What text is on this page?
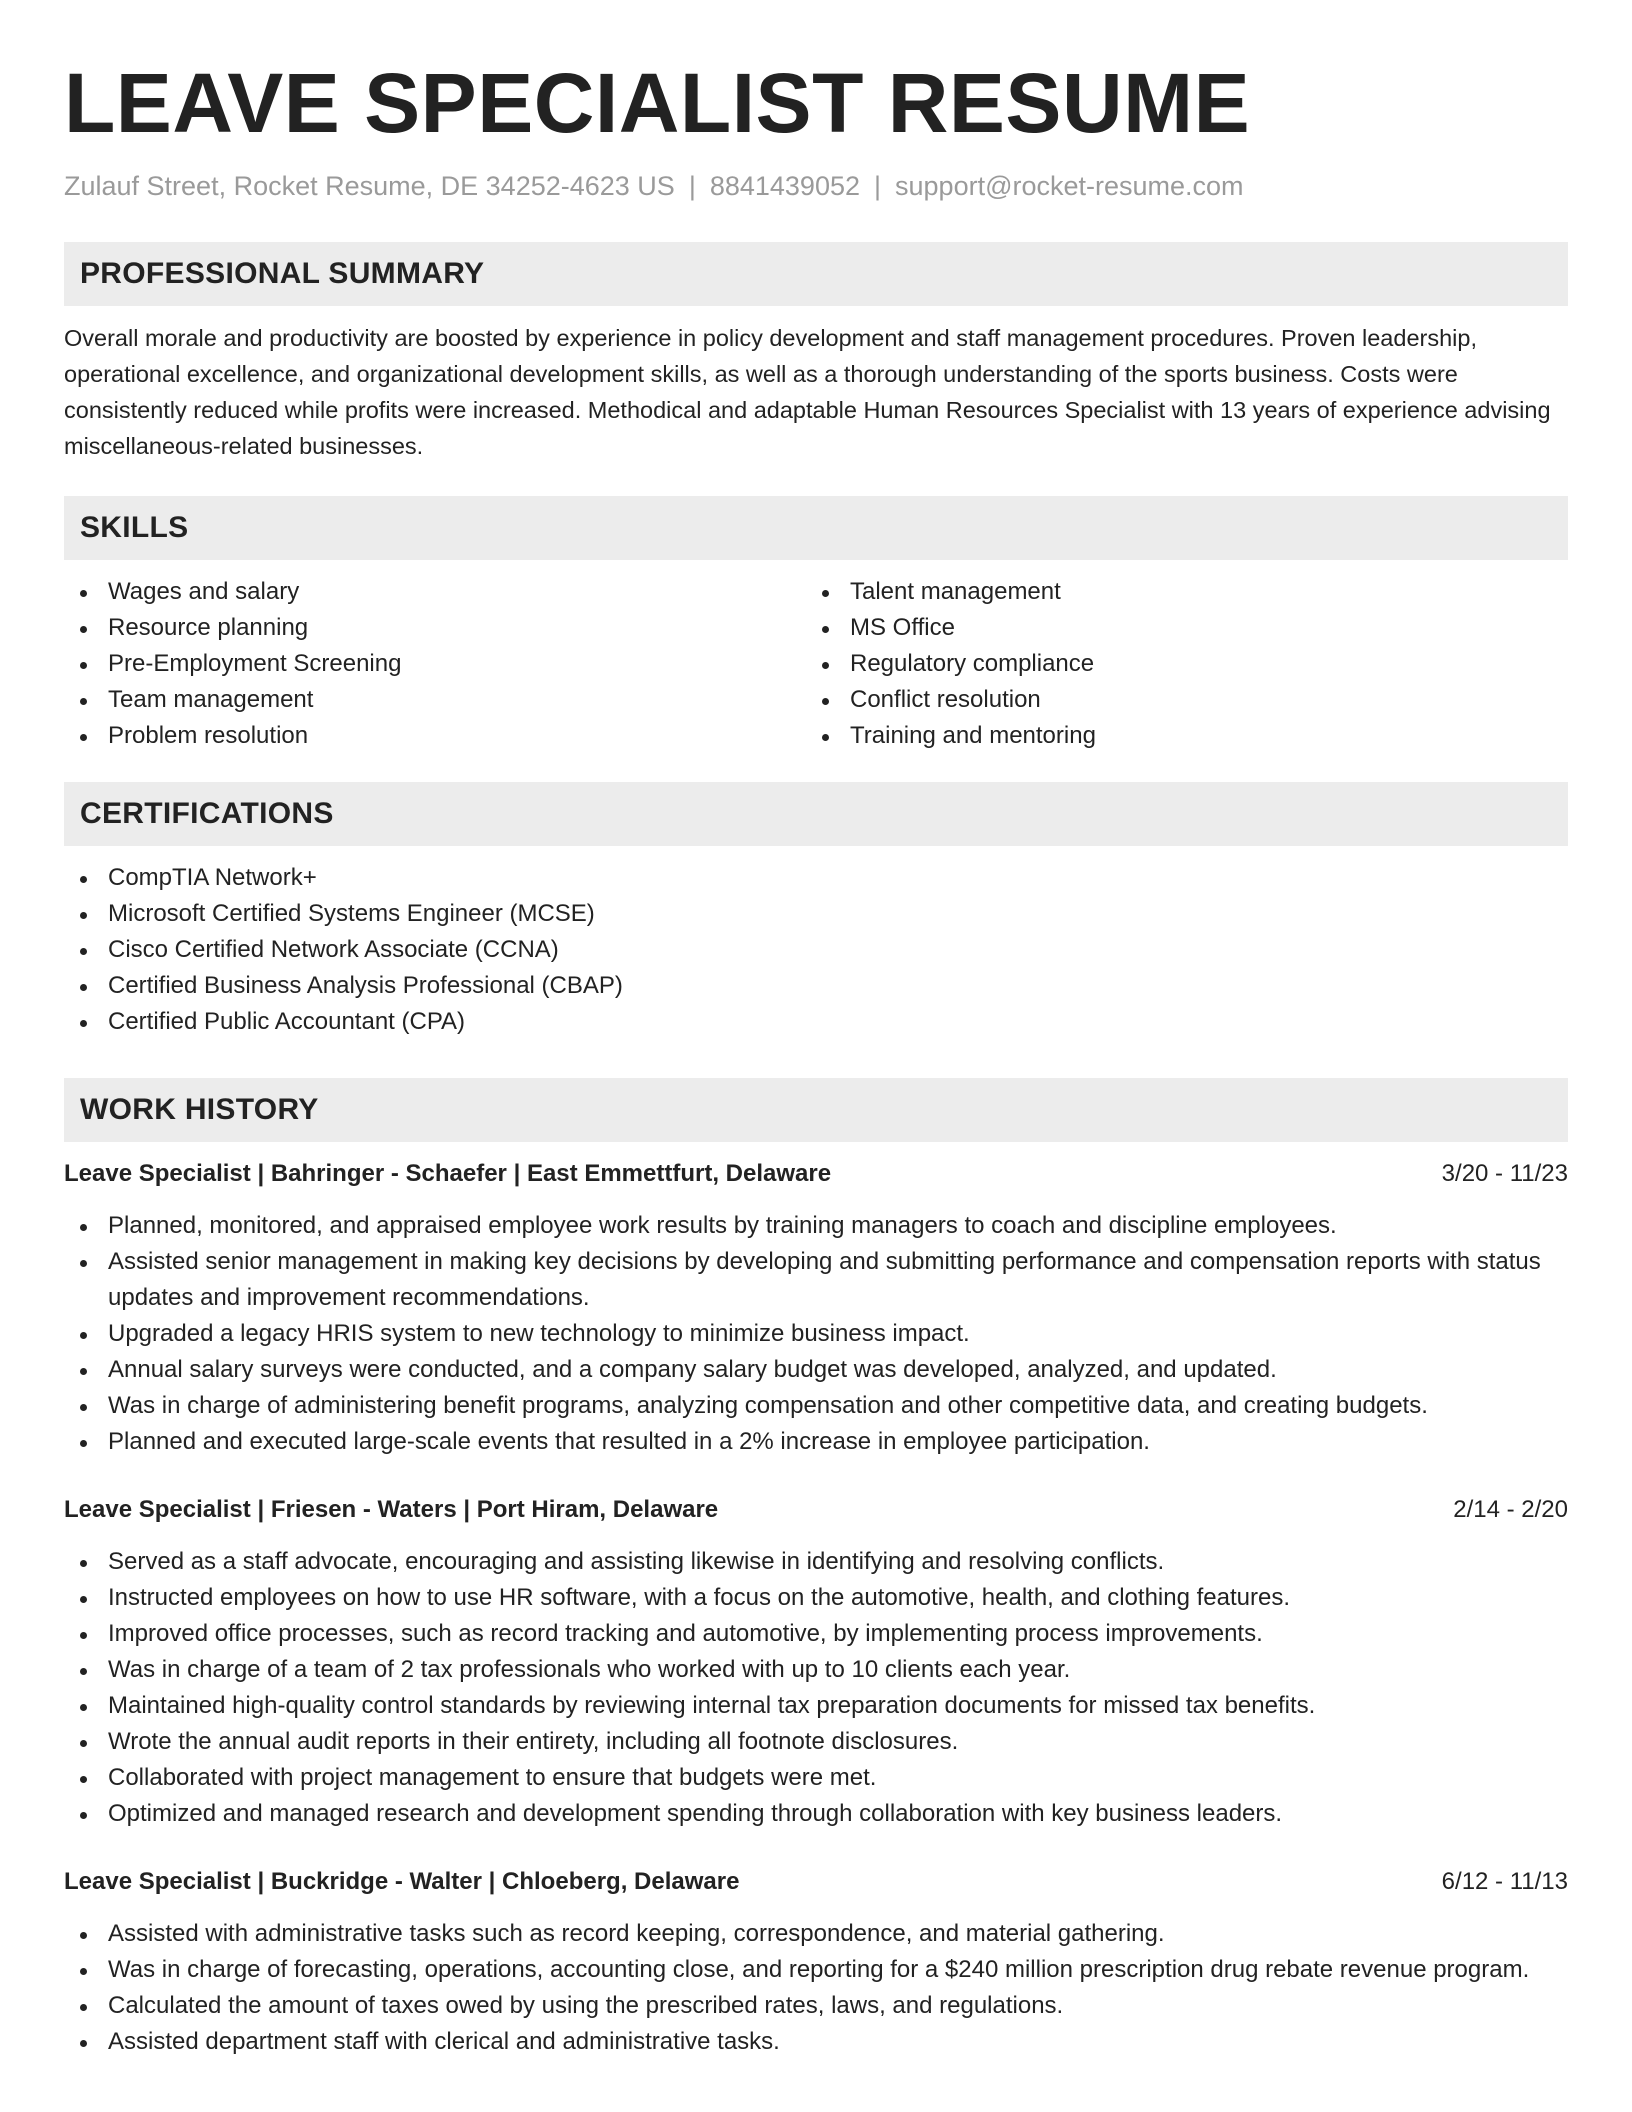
LEAVE SPECIALIST RESUME
Zulauf Street, Rocket Resume, DE 34252-4623 US | 8841439052 | support@rocket-resume.com
PROFESSIONAL SUMMARY

Overall morale and productivity are boosted by experience in policy development and staff management procedures. Proven leadership, operational excellence, and organizational development skills, as well as a thorough understanding of the sports business. Costs were consistently reduced while profits were increased. Methodical and adaptable Human Resources Specialist with 13 years of experience advising miscellaneous-related businesses.

SKILLS
Wages and salary
Resource planning
Pre-Employment Screening
Team management
Problem resolution
Talent management
MS Office
Regulatory compliance
Conflict resolution
Training and mentoring
CERTIFICATIONS
CompTIA Network+
Microsoft Certified Systems Engineer (MCSE)
Cisco Certified Network Associate (CCNA)
Certified Business Analysis Professional (CBAP)
Certified Public Accountant (CPA)
WORK HISTORY
Leave Specialist | Bahringer - Schaefer | East Emmettfurt, Delaware	3/20 - 11/23
Planned, monitored, and appraised employee work results by training managers to coach and discipline employees.
Assisted senior management in making key decisions by developing and submitting performance and compensation reports with status updates and improvement recommendations.
Upgraded a legacy HRIS system to new technology to minimize business impact.
Annual salary surveys were conducted, and a company salary budget was developed, analyzed, and updated.
Was in charge of administering benefit programs, analyzing compensation and other competitive data, and creating budgets.
Planned and executed large-scale events that resulted in a 2% increase in employee participation.
Leave Specialist | Friesen - Waters | Port Hiram, Delaware	2/14 - 2/20
Served as a staff advocate, encouraging and assisting likewise in identifying and resolving conflicts.
Instructed employees on how to use HR software, with a focus on the automotive, health, and clothing features.
Improved office processes, such as record tracking and automotive, by implementing process improvements.
Was in charge of a team of 2 tax professionals who worked with up to 10 clients each year.
Maintained high-quality control standards by reviewing internal tax preparation documents for missed tax benefits.
Wrote the annual audit reports in their entirety, including all footnote disclosures.
Collaborated with project management to ensure that budgets were met.
Optimized and managed research and development spending through collaboration with key business leaders.
Leave Specialist | Buckridge - Walter | Chloeberg, Delaware	6/12 - 11/13
Assisted with administrative tasks such as record keeping, correspondence, and material gathering.
Was in charge of forecasting, operations, accounting close, and reporting for a $240 million prescription drug rebate revenue program.
Calculated the amount of taxes owed by using the prescribed rates, laws, and regulations.
Assisted department staff with clerical and administrative tasks.
